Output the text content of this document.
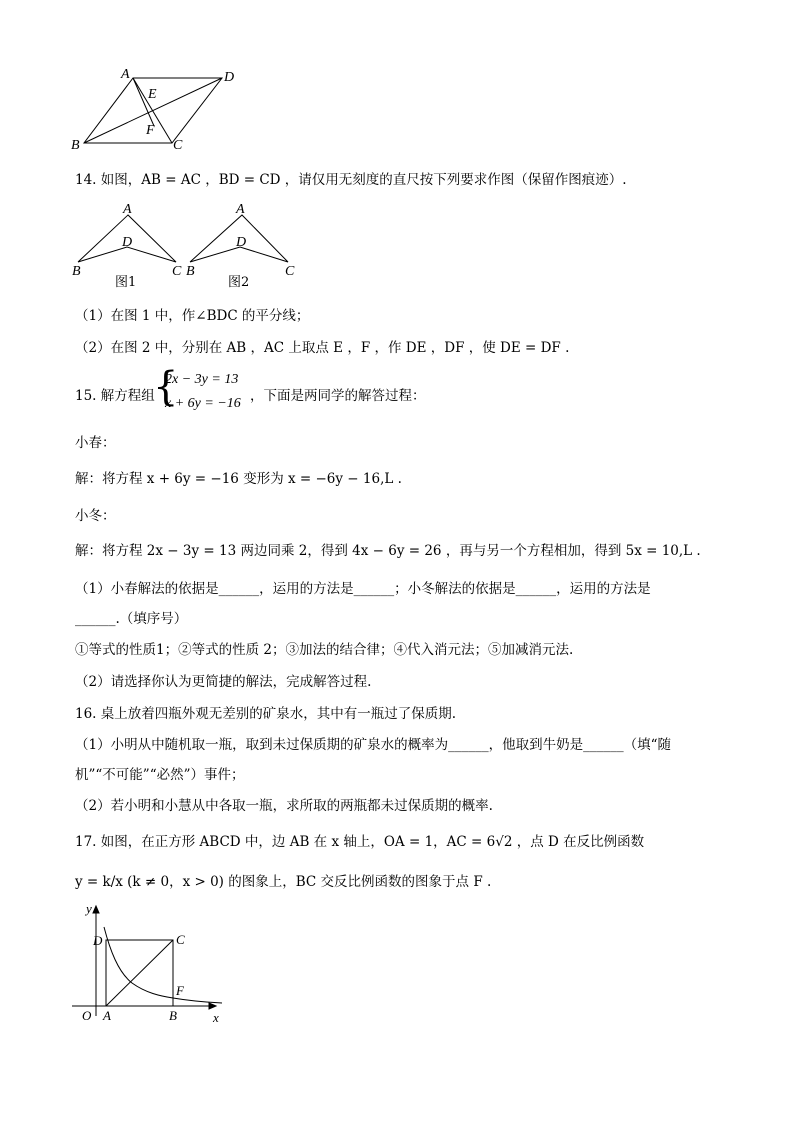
A	D
E
F
B	C
14. 如图，AB = AC ，BD = CD ，请仅用无刻度的直尺按下列要求作图（保留作图痕迹）.
A
D
B	C
图1
A
D
B	C
图2
（1）在图 1 中，作∠BDC 的平分线；
（2）在图 2 中，分别在 AB ，AC 上取点 E ，F ，作 DE ，DF ，使 DE = DF .
15. 解方程组
{
2x − 3y = 13
x + 6y = −16 ，下面是两同学的解答过程：
小春：
解：将方程 x + 6y = −16 变形为 x = −6y − 16,L .
小冬：
解：将方程 2x − 3y = 13 两边同乘 2，得到 4x − 6y = 26 ，再与另一个方程相加，得到 5x = 10,L .
（1）小春解法的依据是______，运用的方法是______；小冬解法的依据是______，运用的方法是
______.（填序号）
①等式的性质1；②等式的性质 2；③加法的结合律；④代入消元法；⑤加减消元法.
（2）请选择你认为更简捷的解法，完成解答过程.
16. 桌上放着四瓶外观无差别的矿泉水，其中有一瓶过了保质期.
（1）小明从中随机取一瓶，取到未过保质期的矿泉水的概率为______，他取到牛奶是______（填“随
机”“不可能”“必然”）事件；
（2）若小明和小慧从中各取一瓶，求所取的两瓶都未过保质期的概率.
17. 如图，在正方形 ABCD 中，边 AB 在 x 轴上，OA = 1，AC = 6√2 ，点 D 在反比例函数
y = k/x (k ≠ 0，x > 0) 的图象上，BC 交反比例函数的图象于点 F .
y
D	C
F
O A	B	x
